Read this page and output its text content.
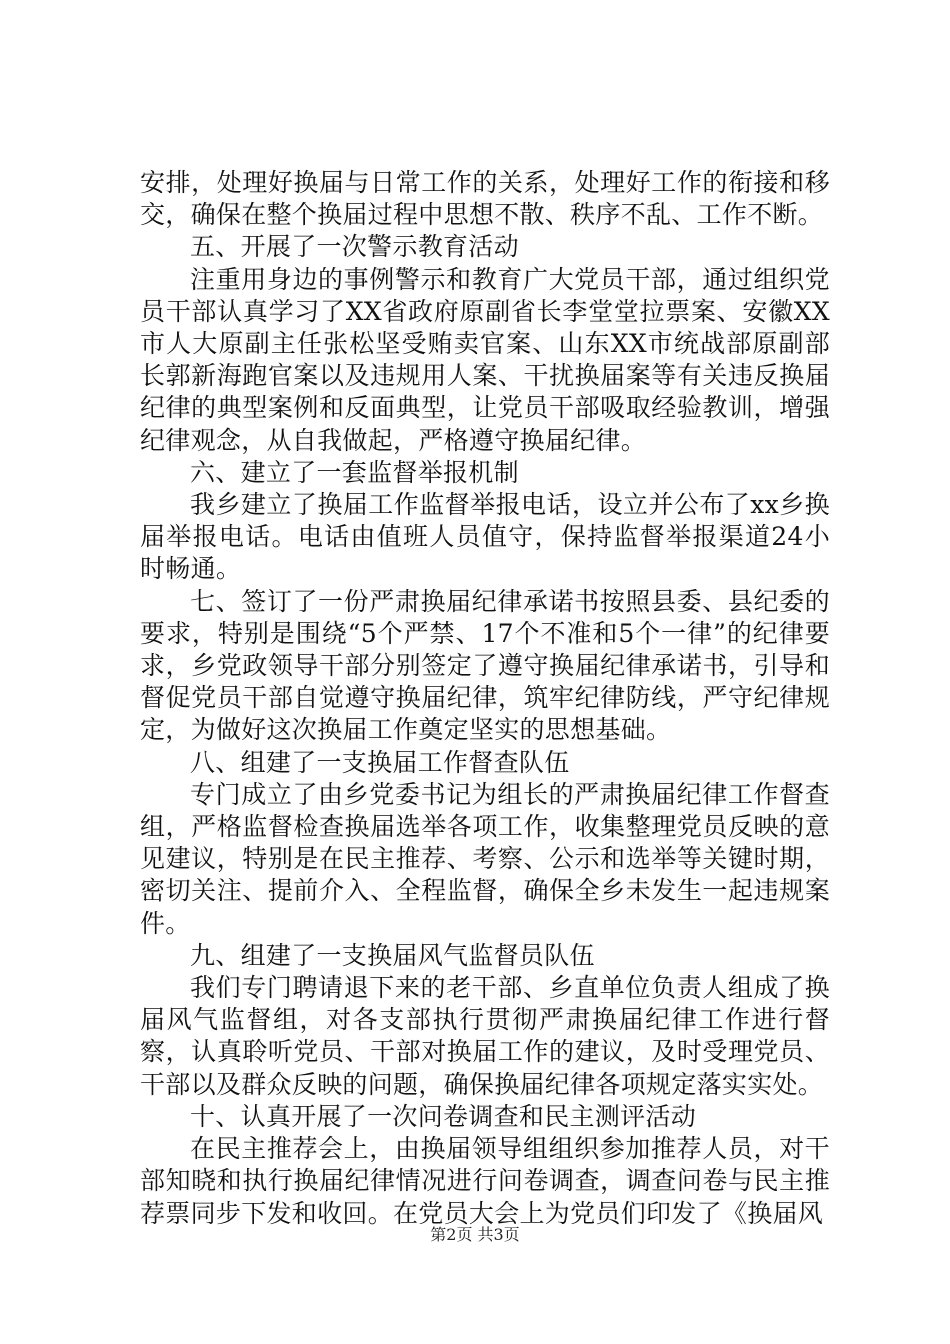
安排，处理好换届与日常工作的关系，处理好工作的衔接和移交，确保在整个换届过程中思想不散、秩序不乱、工作不断。

五、开展了一次警示教育活动

注重用身边的事例警示和教育广大党员干部，通过组织党员干部认真学习了XX省政府原副省长李堂堂拉票案、安徽XX市人大原副主任张松坚受贿卖官案、山东XX市统战部原副部长郭新海跑官案以及违规用人案、干扰换届案等有关违反换届纪律的典型案例和反面典型，让党员干部吸取经验教训，增强纪律观念，从自我做起，严格遵守换届纪律。

六、建立了一套监督举报机制

我乡建立了换届工作监督举报电话，设立并公布了xx乡换届举报电话。电话由值班人员值守，保持监督举报渠道24小时畅通。

七、签订了一份严肃换届纪律承诺书按照县委、县纪委的要求，特别是围绕“5个严禁、17个不准和5个一律”的纪律要求，乡党政领导干部分别签定了遵守换届纪律承诺书，引导和督促党员干部自觉遵守换届纪律，筑牢纪律防线，严守纪律规定，为做好这次换届工作奠定坚实的思想基础。

八、组建了一支换届工作督查队伍

专门成立了由乡党委书记为组长的严肃换届纪律工作督查组，严格监督检查换届选举各项工作，收集整理党员反映的意见建议，特别是在民主推荐、考察、公示和选举等关键时期，密切关注、提前介入、全程监督，确保全乡未发生一起违规案件。

九、组建了一支换届风气监督员队伍

我们专门聘请退下来的老干部、乡直单位负责人组成了换届风气监督组，对各支部执行贯彻严肃换届纪律工作进行督察，认真聆听党员、干部对换届工作的建议，及时受理党员、干部以及群众反映的问题，确保换届纪律各项规定落实实处。

十、认真开展了一次问卷调查和民主测评活动

在民主推荐会上，由换届领导组组织参加推荐人员，对干部知晓和执行换届纪律情况进行问卷调查，调查问卷与民主推荐票同步下发和收回。在党员大会上为党员们印发了《换届风

第2页 共3页
